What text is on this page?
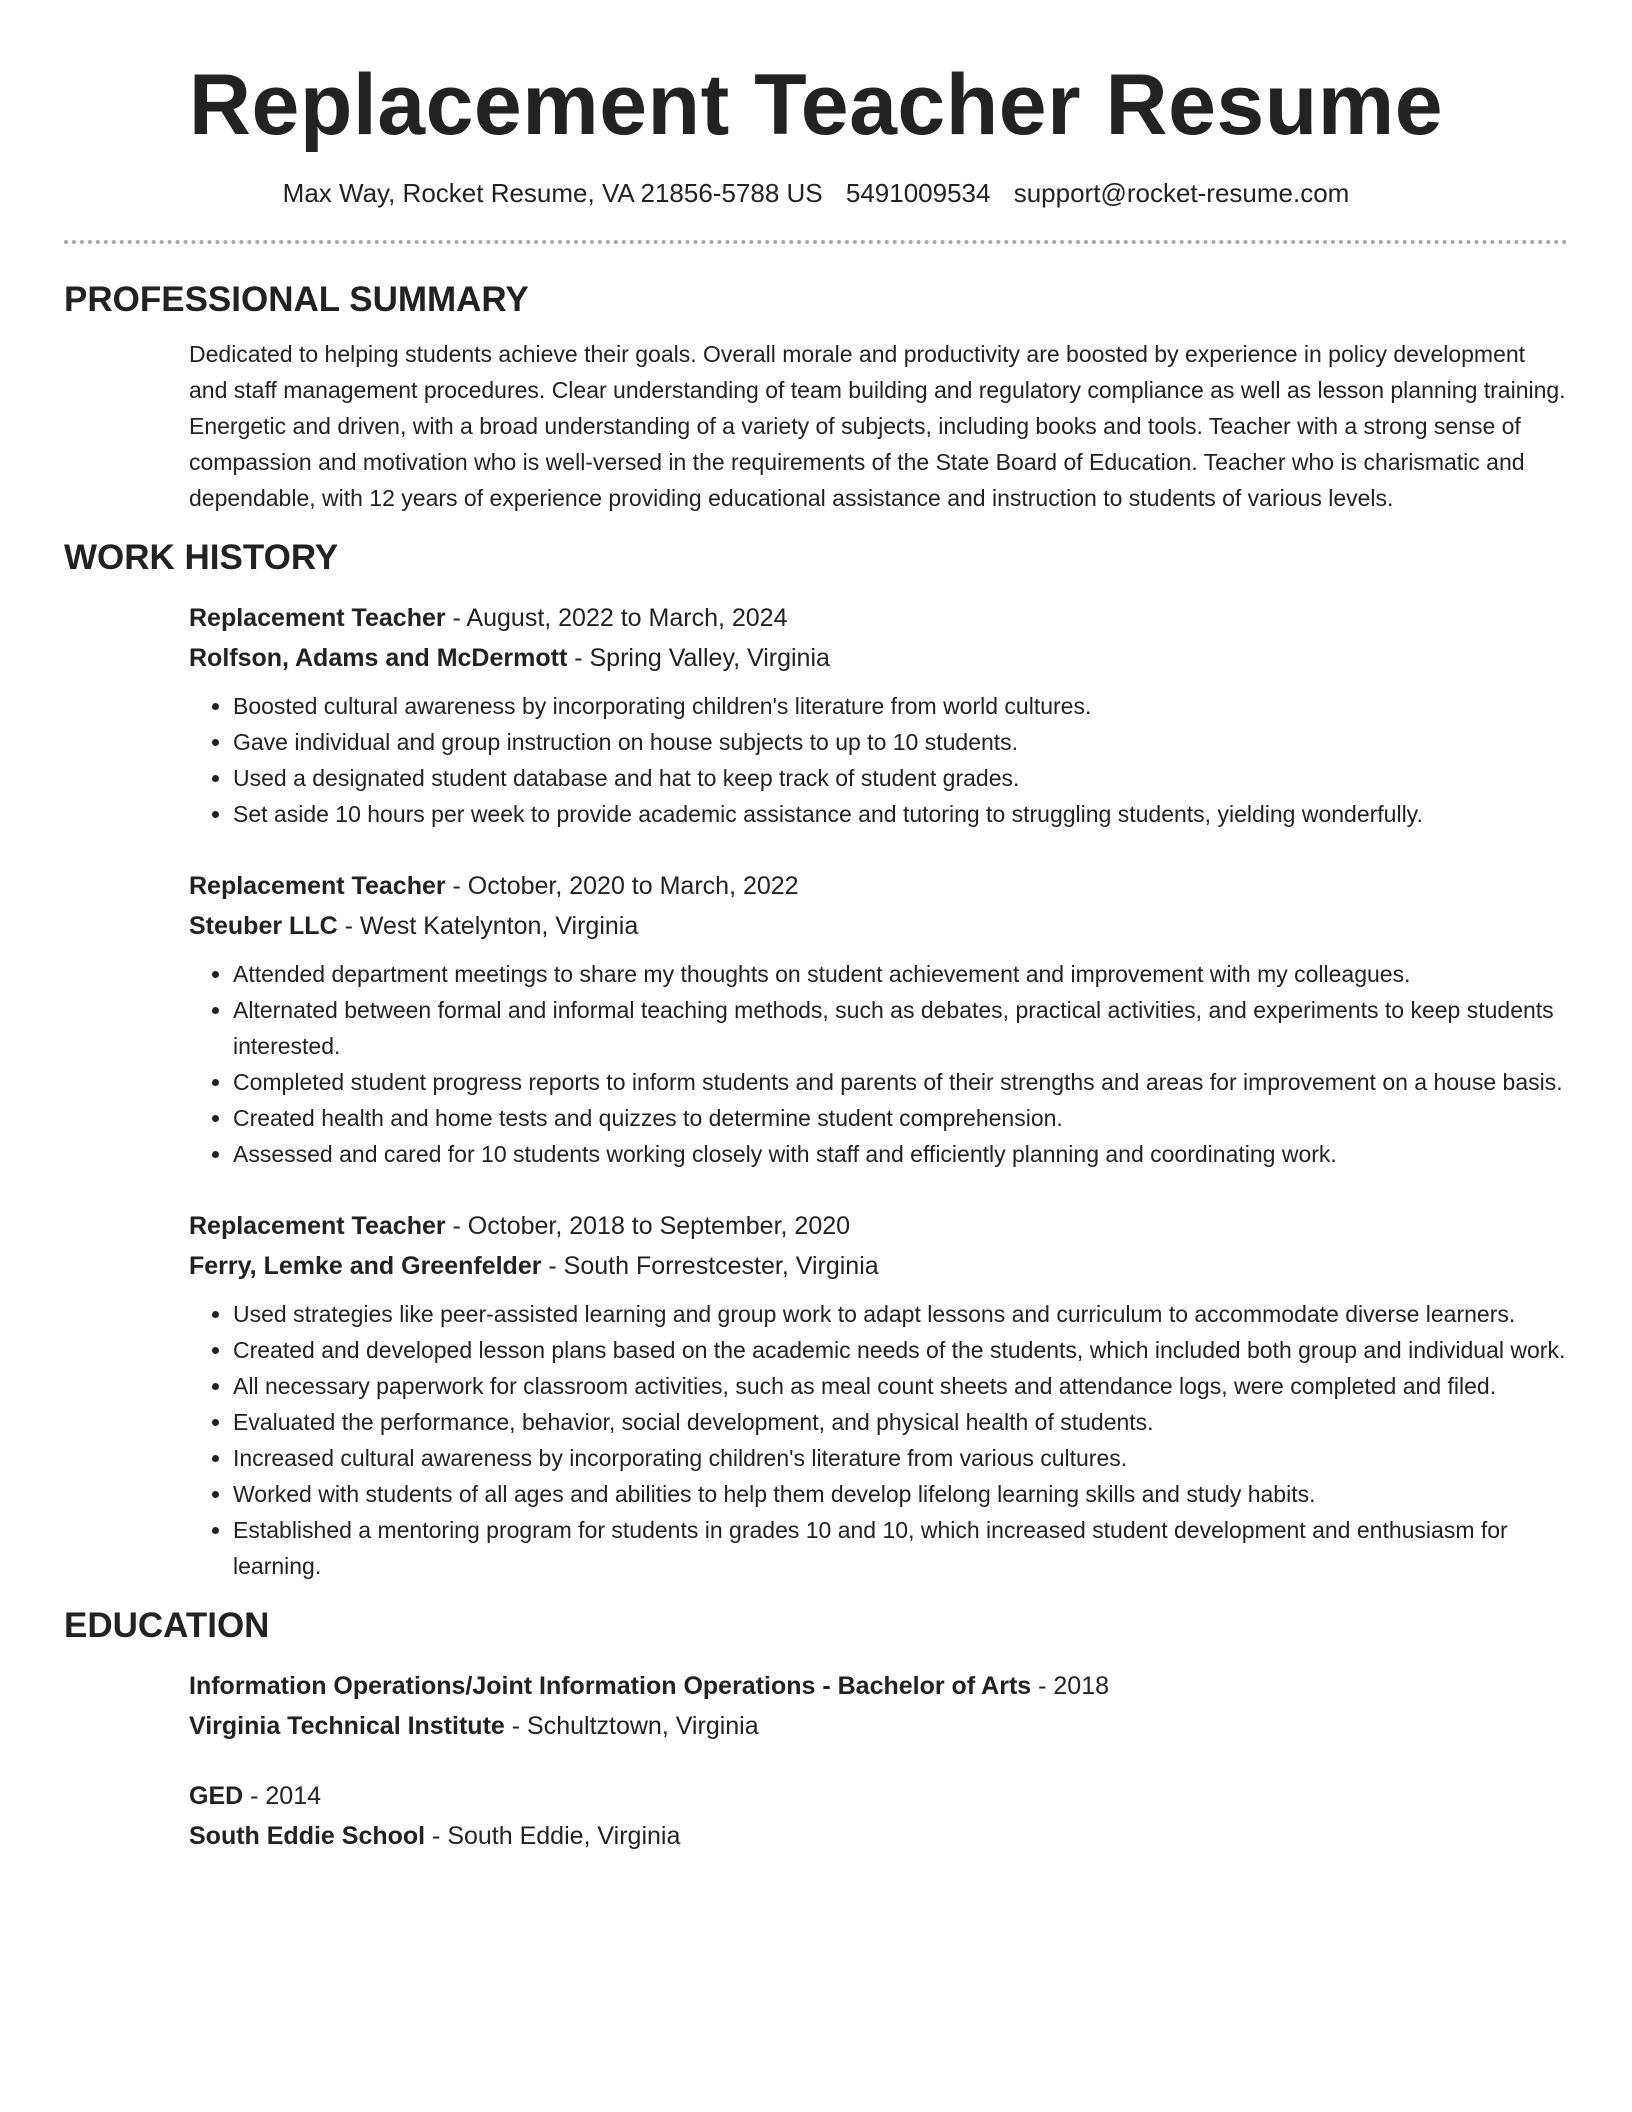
Replacement Teacher Resume
Max Way, Rocket Resume, VA 21856-5788 US 5491009534 support@rocket-resume.com
PROFESSIONAL SUMMARY

Dedicated to helping students achieve their goals. Overall morale and productivity are boosted by experience in policy development and staff management procedures. Clear understanding of team building and regulatory compliance as well as lesson planning training. Energetic and driven, with a broad understanding of a variety of subjects, including books and tools. Teacher with a strong sense of compassion and motivation who is well-versed in the requirements of the State Board of Education. Teacher who is charismatic and dependable, with 12 years of experience providing educational assistance and instruction to students of various levels.

WORK HISTORY
Replacement Teacher - August, 2022 to March, 2024
Rolfson, Adams and McDermott - Spring Valley, Virginia
• Boosted cultural awareness by incorporating children's literature from world cultures.
• Gave individual and group instruction on house subjects to up to 10 students.
• Used a designated student database and hat to keep track of student grades.
• Set aside 10 hours per week to provide academic assistance and tutoring to struggling students, yielding wonderfully.
Replacement Teacher - October, 2020 to March, 2022
Steuber LLC - West Katelynton, Virginia
• Attended department meetings to share my thoughts on student achievement and improvement with my colleagues.
• Alternated between formal and informal teaching methods, such as debates, practical activities, and experiments to keep students interested.
• Completed student progress reports to inform students and parents of their strengths and areas for improvement on a house basis.
• Created health and home tests and quizzes to determine student comprehension.
• Assessed and cared for 10 students working closely with staff and efficiently planning and coordinating work.
Replacement Teacher - October, 2018 to September, 2020
Ferry, Lemke and Greenfelder - South Forrestcester, Virginia
• Used strategies like peer-assisted learning and group work to adapt lessons and curriculum to accommodate diverse learners.
• Created and developed lesson plans based on the academic needs of the students, which included both group and individual work.
• All necessary paperwork for classroom activities, such as meal count sheets and attendance logs, were completed and filed.
• Evaluated the performance, behavior, social development, and physical health of students.
• Increased cultural awareness by incorporating children's literature from various cultures.
• Worked with students of all ages and abilities to help them develop lifelong learning skills and study habits.
• Established a mentoring program for students in grades 10 and 10, which increased student development and enthusiasm for learning.
EDUCATION
Information Operations/Joint Information Operations - Bachelor of Arts - 2018
Virginia Technical Institute - Schultztown, Virginia
GED - 2014
South Eddie School - South Eddie, Virginia
